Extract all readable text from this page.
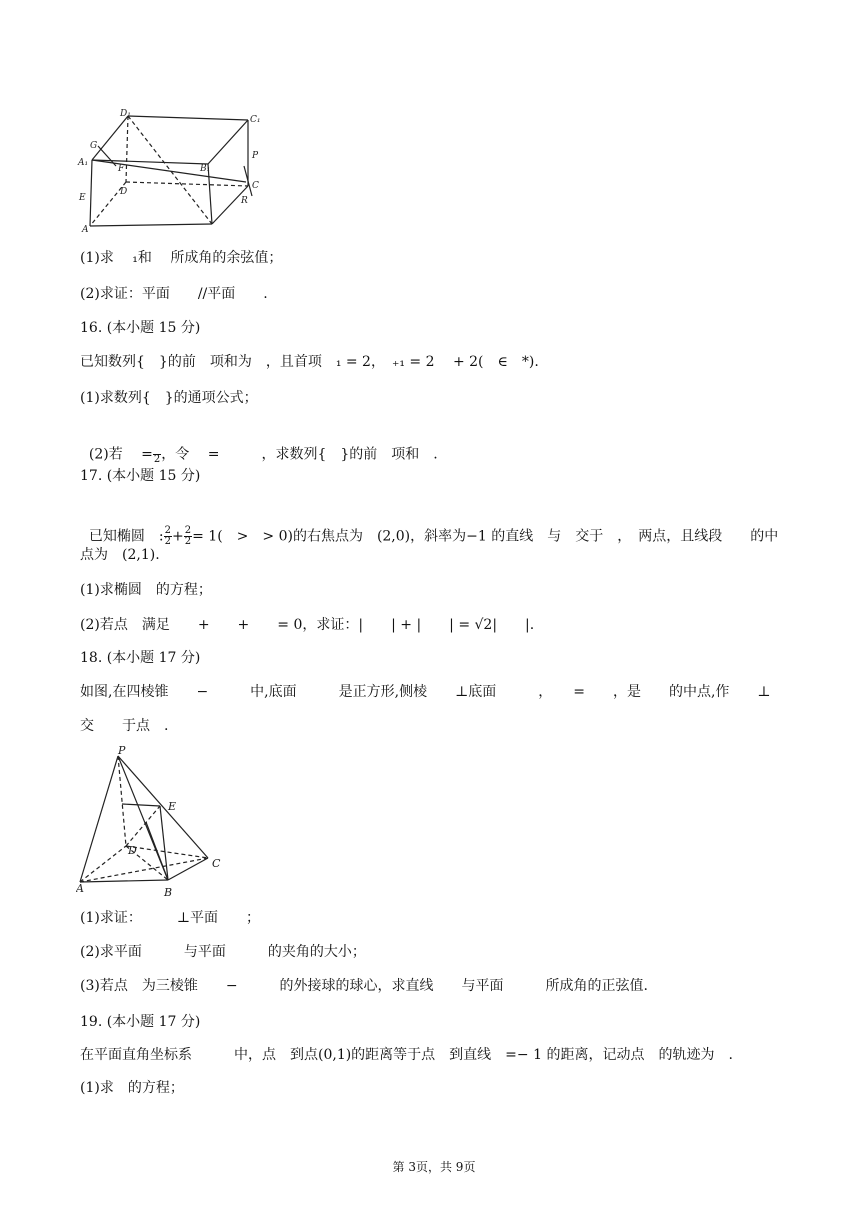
D₁
C₁
G
A₁
F	B₁
P
E	R
A
D
C
(1)求　 ₁和　 所成角的余弦值；
(2)求证：平面　　//平面　　.
16. (本小题 15 分)
已知数列{　}的前　项和为　，且首项　₁ = 2，　₊₁ = 2　 + 2(　∈　*).
(1)求数列{　}的通项公式；

(2)若　 =
2 ，令　 =　　　，求数列{　}的前　项和　.

17. (本小题 15 分)

已知椭圆　: $\frac{2}{2} + \frac{2}{2} = 1$(　>　> 0)的右焦点为　(2,0)，斜率为−1 的直线　与　交于　，　两点，且线段　　的中

点为　(2,1).
(1)求椭圆　的方程；
(2)若点　满足　　+　　+　　= 0，求证：|　　| + |　　| = √2|　　|.
18. (本小题 17 分)
如图,在四棱锥　　−　　　中,底面　　　是正方形,侧棱　　⊥底面　　　，　　=　　，是　　的中点,作　　⊥
交　　于点　.
P
E
C
B
D
A
(1)求证：　　　⊥平面　　；
(2)求平面　　　与平面　　　的夹角的大小；
(3)若点　为三棱锥　　−　　　的外接球的球心，求直线　　与平面　　　所成角的正弦值.
19. (本小题 17 分)
在平面直角坐标系　　　中，点　到点(0,1)的距离等于点　到直线　=− 1 的距离，记动点　的轨迹为　.
(1)求　的方程；
第 3页，共 9页
